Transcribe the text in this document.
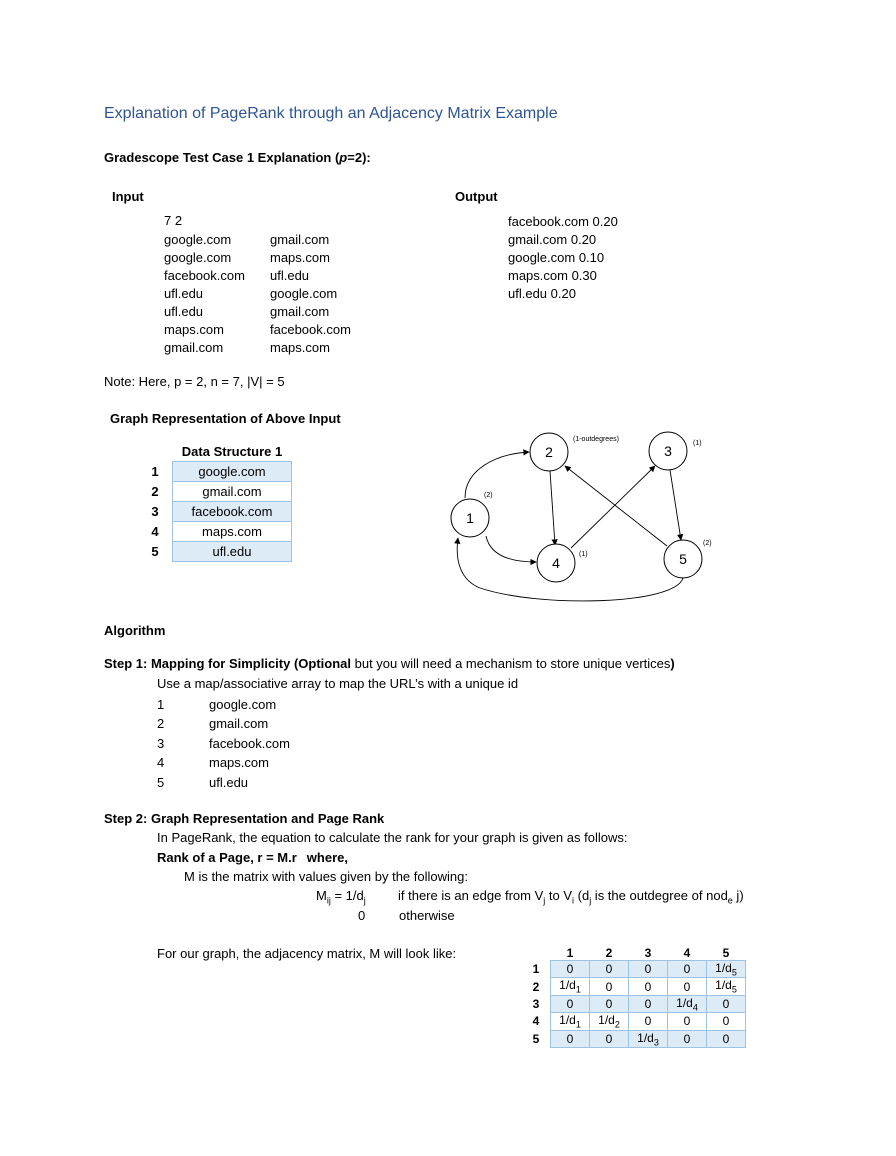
Explanation of PageRank through an Adjacency Matrix Example
Gradescope Test Case 1 Explanation (p=2):
Input	Output
7 2
google.com	gmail.com
google.com	maps.com
facebook.com ufl.edu
ufl.edu	google.com
ufl.edu	gmail.com
maps.com	facebook.com
gmail.com	maps.com
facebook.com 0.20
gmail.com 0.20
google.com 0.10
maps.com 0.30
ufl.edu 0.20
Note: Here, p = 2, n = 7, |V| = 5
Graph Representation of Above Input
	Data Structure 1
1	google.com
2	gmail.com
3	facebook.com
4	maps.com
5	ufl.edu
1
2	3
4	5
(2)
(1-outdegrees)
(1)
(1)
(2)
Algorithm
Step 1: Mapping for Simplicity (Optional but you will need a mechanism to store unique vertices)
Use a map/associative array to map the URL’s with a unique id
1	google.com
2	gmail.com
3	facebook.com
4	maps.com
5	ufl.edu
Step 2: Graph Representation and Page Rank
In PageRank, the equation to calculate the rank for your graph is given as follows:
Rank of a Page, r = M.r where,
M is the matrix with values given by the following:
$M_{ij} = 1/d_j$ if there is an edge from $V_j$ to $V_i$ ($d_j$ is the outdegree of nod$_e$ j)
0	otherwise
For our graph, the adjacency matrix, M will look like:
		1	2	3	4	5
1	0	0	0	0	$1/d_5$
2	$1/d_1$	0	0	0	$1/d_5$
3	0	0	0	$1/d_4$	0
4	$1/d_1$	$1/d_2$	0	0	0
5	0	0	$1/d_3$	0	0
